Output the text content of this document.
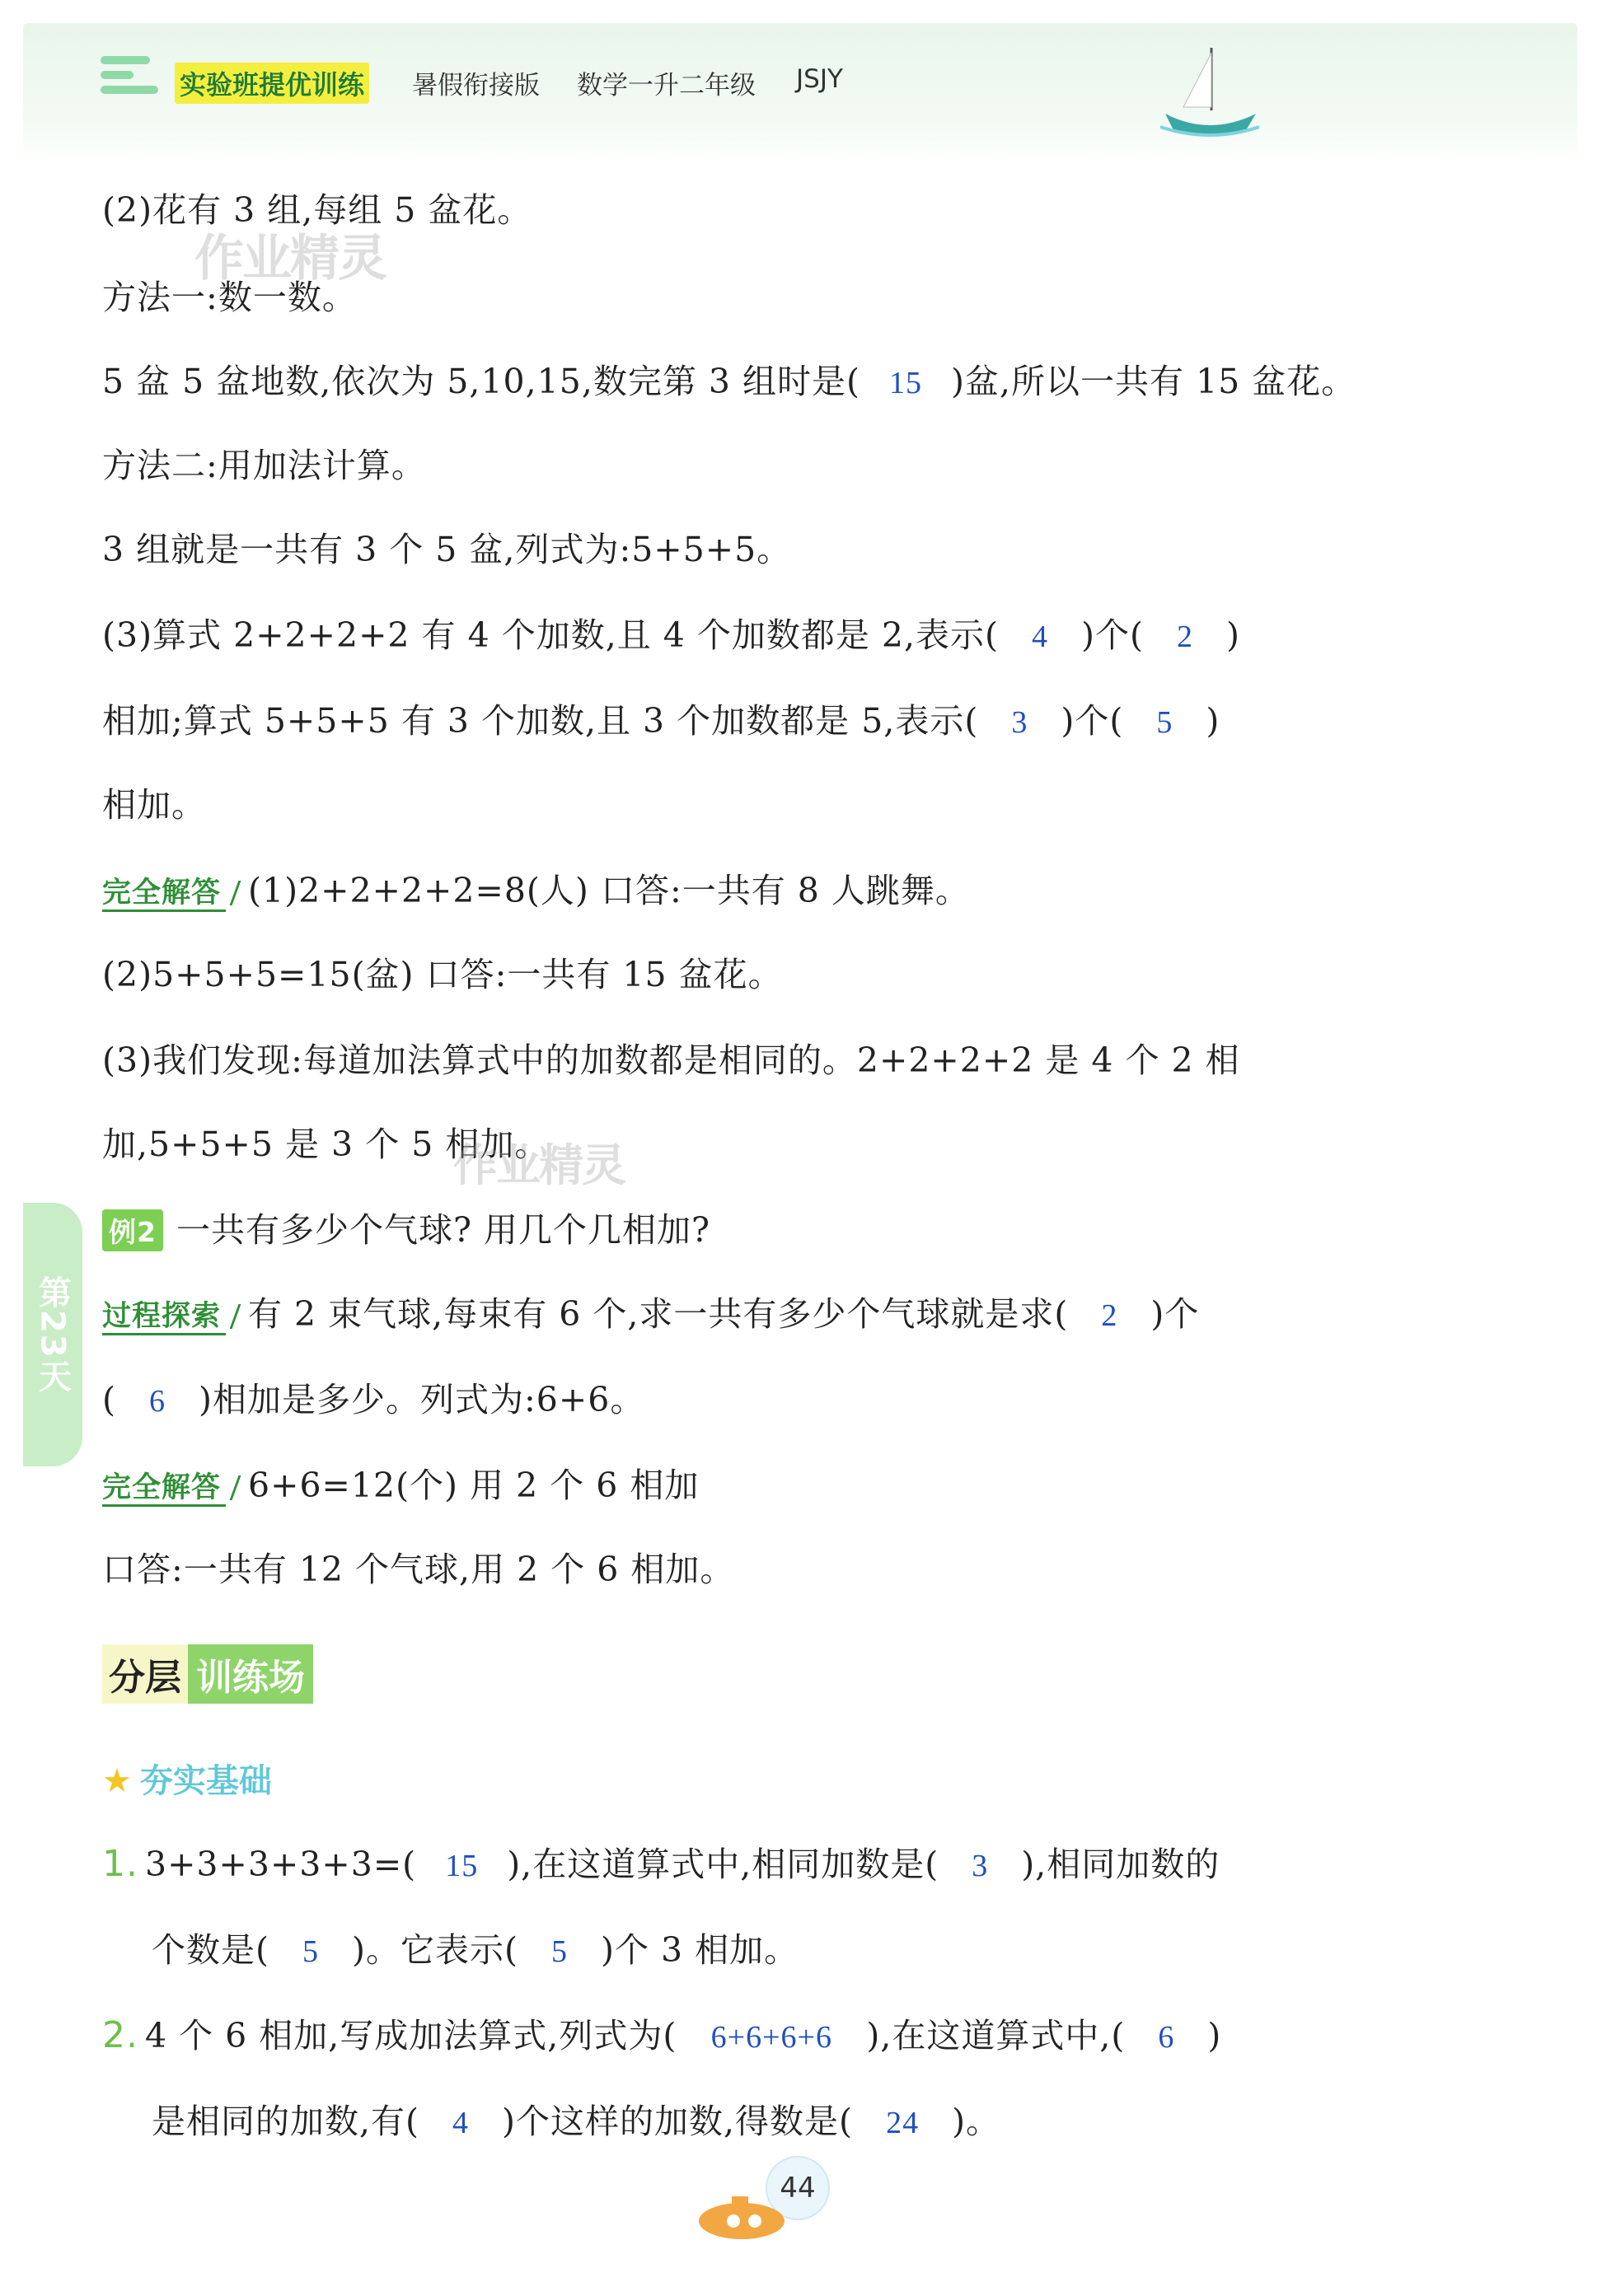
实验班提优训练 暑假衔接版 数学一升二年级 JSJY
(2)花有 3 组,每组 5 盆花。
作业精灵
方法一:数一数。
5 盆 5 盆地数,依次为 5,10,15,数完第 3 组时是( 15 )盆,所以一共有 15 盆花。
方法二:用加法计算。
3 组就是一共有 3 个 5 盆,列式为:5+5+5。
(3)算式 2+2+2+2 有 4 个加数,且 4 个加数都是 2,表示( 4 )个( 2 )
相加;算式 5+5+5 有 3 个加数,且 3 个加数都是 5,表示( 3 )个( 5 )
相加。
完全解答 (1)2+2+2+2=8(人) 口答:一共有 8 人跳舞。
(2)5+5+5=15(盆) 口答:一共有 15 盆花。
(3)我们发现:每道加法算式中的加数都是相同的。2+2+2+2 是 4 个 2 相
加,5+5+5 是 3 个 5 相加。
作业精灵
例2 一共有多少个气球? 用几个几相加?
过程探索 有 2 束气球,每束有 6 个,求一共有多少个气球就是求( 2 )个
( 6 )相加是多少。列式为:6+6。
完全解答 6+6=12(个) 用 2 个 6 相加
口答:一共有 12 个气球,用 2 个 6 相加。
第23天
分层 训练场
★ 夯实基础
1. 3+3+3+3+3=( 15 ),在这道算式中,相同加数是( 3 ),相同加数的
个数是( 5 )。它表示( 5 )个 3 相加。
2. 4 个 6 相加,写成加法算式,列式为( 6+6+6+6 ),在这道算式中,( 6 )
是相同的加数,有( 4 )个这样的加数,得数是( 24 )。
44
